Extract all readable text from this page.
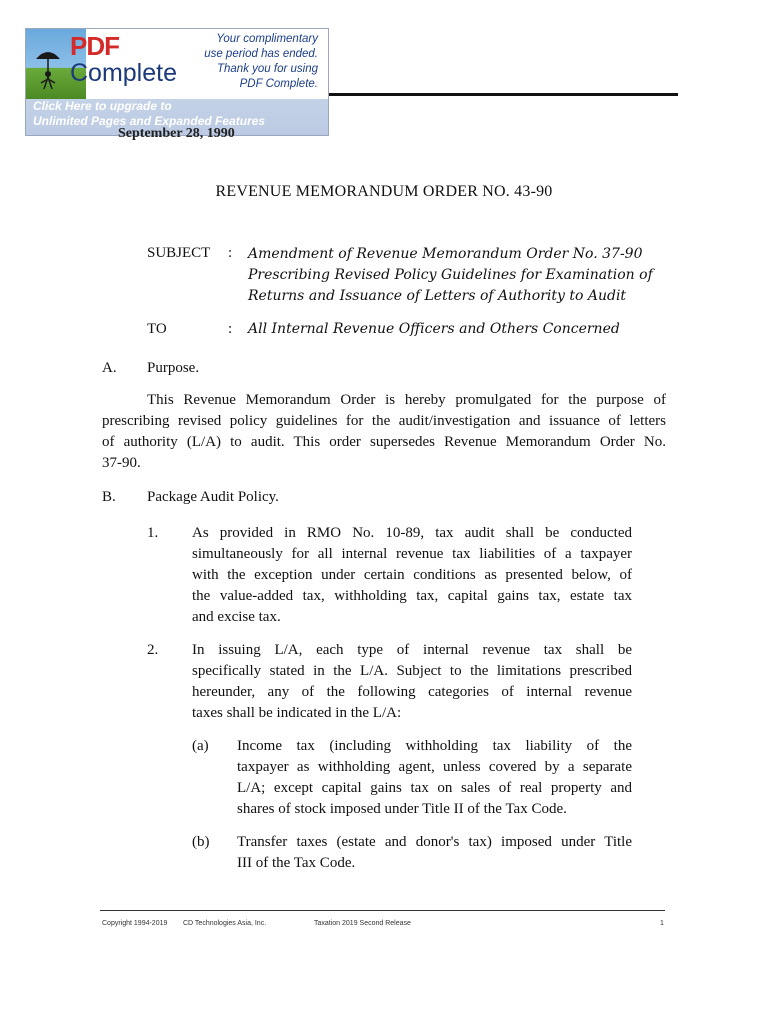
PDF
Complete
Your complimentary
use period has ended.
Thank you for using
PDF Complete.
Click Here to upgrade to
Unlimited Pages and Expanded Features
September 28, 1990
REVENUE MEMORANDUM ORDER NO. 43-90
SUBJECT : Amendment of Revenue Memorandum Order No. 37-90
Prescribing Revised Policy Guidelines for Examination of
Returns and Issuance of Letters of Authority to Audit
TO	: All Internal Revenue Officers and Others Concerned
A. Purpose.
This Revenue Memorandum Order is hereby promulgated for the purpose of
prescribing revised policy guidelines for the audit/investigation and issuance of letters
of authority (L/A) to audit. This order supersedes Revenue Memorandum Order No.
37-90.
B. Package Audit Policy.
1. As provided in RMO No. 10-89, tax audit shall be conducted
simultaneously for all internal revenue tax liabilities of a taxpayer
with the exception under certain conditions as presented below, of
the value-added tax, withholding tax, capital gains tax, estate tax
and excise tax.
2. In issuing L/A, each type of internal revenue tax shall be
specifically stated in the L/A. Subject to the limitations prescribed
hereunder, any of the following categories of internal revenue
taxes shall be indicated in the L/A:
(a) Income tax (including withholding tax liability of the
taxpayer as withholding agent, unless covered by a separate
L/A; except capital gains tax on sales of real property and
shares of stock imposed under Title II of the Tax Code.
(b) Transfer taxes (estate and donor's tax) imposed under Title
III of the Tax Code.
Copyright 1994-2019 CD Technologies Asia, Inc.	Taxation 2019 Second Release	1
